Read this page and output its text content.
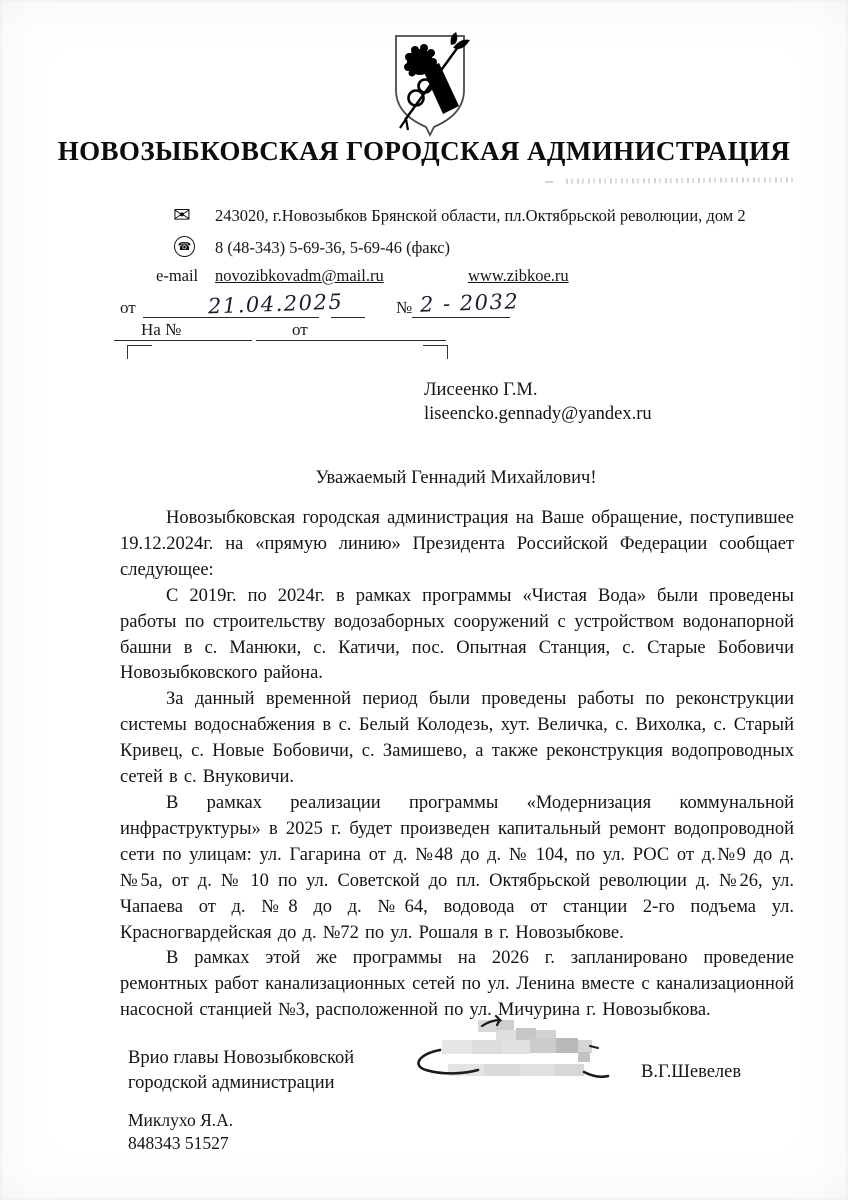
НОВОЗЫБКОВСКАЯ ГОРОДСКАЯ АДМИНИСТРАЦИЯ
✉ 243020, г.Новозыбков Брянской области, пл.Октябрьской революции, дом 2
☎ 8 (48-343) 5-69-36, 5-69-46 (факс)
e-mail novozibkovadm@mail.ru	www.zibkoe.ru
от	21.04.2025	№ 2 - 2032
На №	от
Лисеенко Г.М.
liseencko.gennady@yandex.ru
Уважаемый Геннадий Михайлович!

Новозыбковская городская администрация на Ваше обращение, поступившее 19.12.2024г. на «прямую линию» Президента Российской Федерации сообщает следующее:

С 2019г. по 2024г. в рамках программы «Чистая Вода» были проведены работы по строительству водозаборных сооружений с устройством водонапорной башни в с. Манюки, с. Катичи, пос. Опытная Станция, с. Старые Бобовичи Новозыбковского района.

За данный временной период были проведены работы по реконструкции системы водоснабжения в с. Белый Колодезь, хут. Величка, с. Вихолка, с. Старый Кривец, с. Новые Бобовичи, с. Замишево, а также реконструкция водопроводных сетей в с. Внуковичи.

В рамках реализации программы «Модернизация коммунальной инфраструктуры» в 2025 г. будет произведен капитальный ремонт водопроводной сети по улицам: ул. Гагарина от д. №48 до д. № 104, по ул. РОС от д.№9 до д. №5а, от д. № 10 по ул. Советской до пл. Октябрьской революции д. №26, ул. Чапаева от д. №8 до д. №64, водовода от станции 2-го подъема ул. Красногвардейская до д. №72 по ул. Рошаля в г. Новозыбкове.

В рамках этой же программы на 2026 г. запланировано проведение ремонтных работ канализационных сетей по ул. Ленина вместе с канализационной насосной станцией №3, расположенной по ул. Мичурина г. Новозыбкова.

Врио главы Новозыбковской
городской администрации
В.Г.Шевелев
Миклухо Я.А.
848343 51527
